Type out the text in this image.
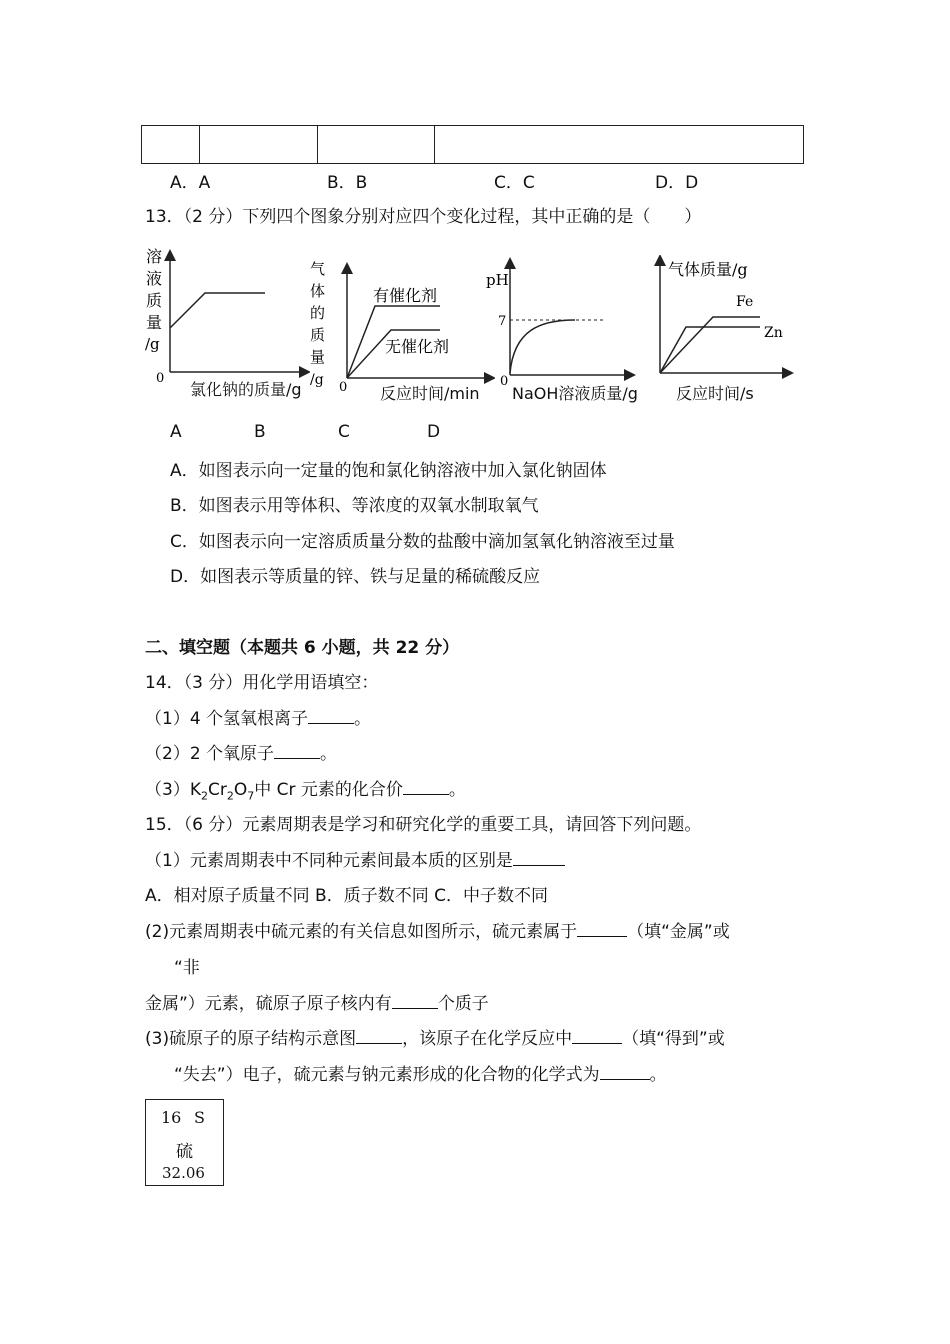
A．A	B．B	C．C	D．D
13．（2 分）下列四个图象分别对应四个变化过程，其中正确的是（　　）
溶
液
质
量
/g
0
氯化钠的质量/g
气
体
的
质
量
/g 0
有催化剂
无催化剂
反应时间/min
pH
7
0
NaOH溶液质量/g
气体质量/g
Fe
Zn
反应时间/s
A	B	C	D
A．如图表示向一定量的饱和氯化钠溶液中加入氯化钠固体
B．如图表示用等体积、等浓度的双氧水制取氧气
C．如图表示向一定溶质质量分数的盐酸中滴加氢氧化钠溶液至过量
D．如图表示等质量的锌、铁与足量的稀硫酸反应
二、填空题（本题共 6 小题，共 22 分）
14．（3 分）用化学用语填空：
（1）4 个氢氧根离子	。
（2）2 个氧原子	。
$(3)K_2Cr_2O_7$中 Cr 元素的化合价	。
15．（6 分）元素周期表是学习和研究化学的重要工具，请回答下列问题。
（1）元素周期表中不同种元素间最本质的区别是
A．相对原子质量不同 B．质子数不同 C．中子数不同
(2)元素周期表中硫元素的有关信息如图所示，硫元素属于	（填“金属”或
“非
金属”）元素，硫原子原子核内有	个质子
(3)硫原子的原子结构示意图	，该原子在化学反应中	（填“得到”或
“失去”）电子，硫元素与钠元素形成的化合物的化学式为	。
16 S
硫
32.06
